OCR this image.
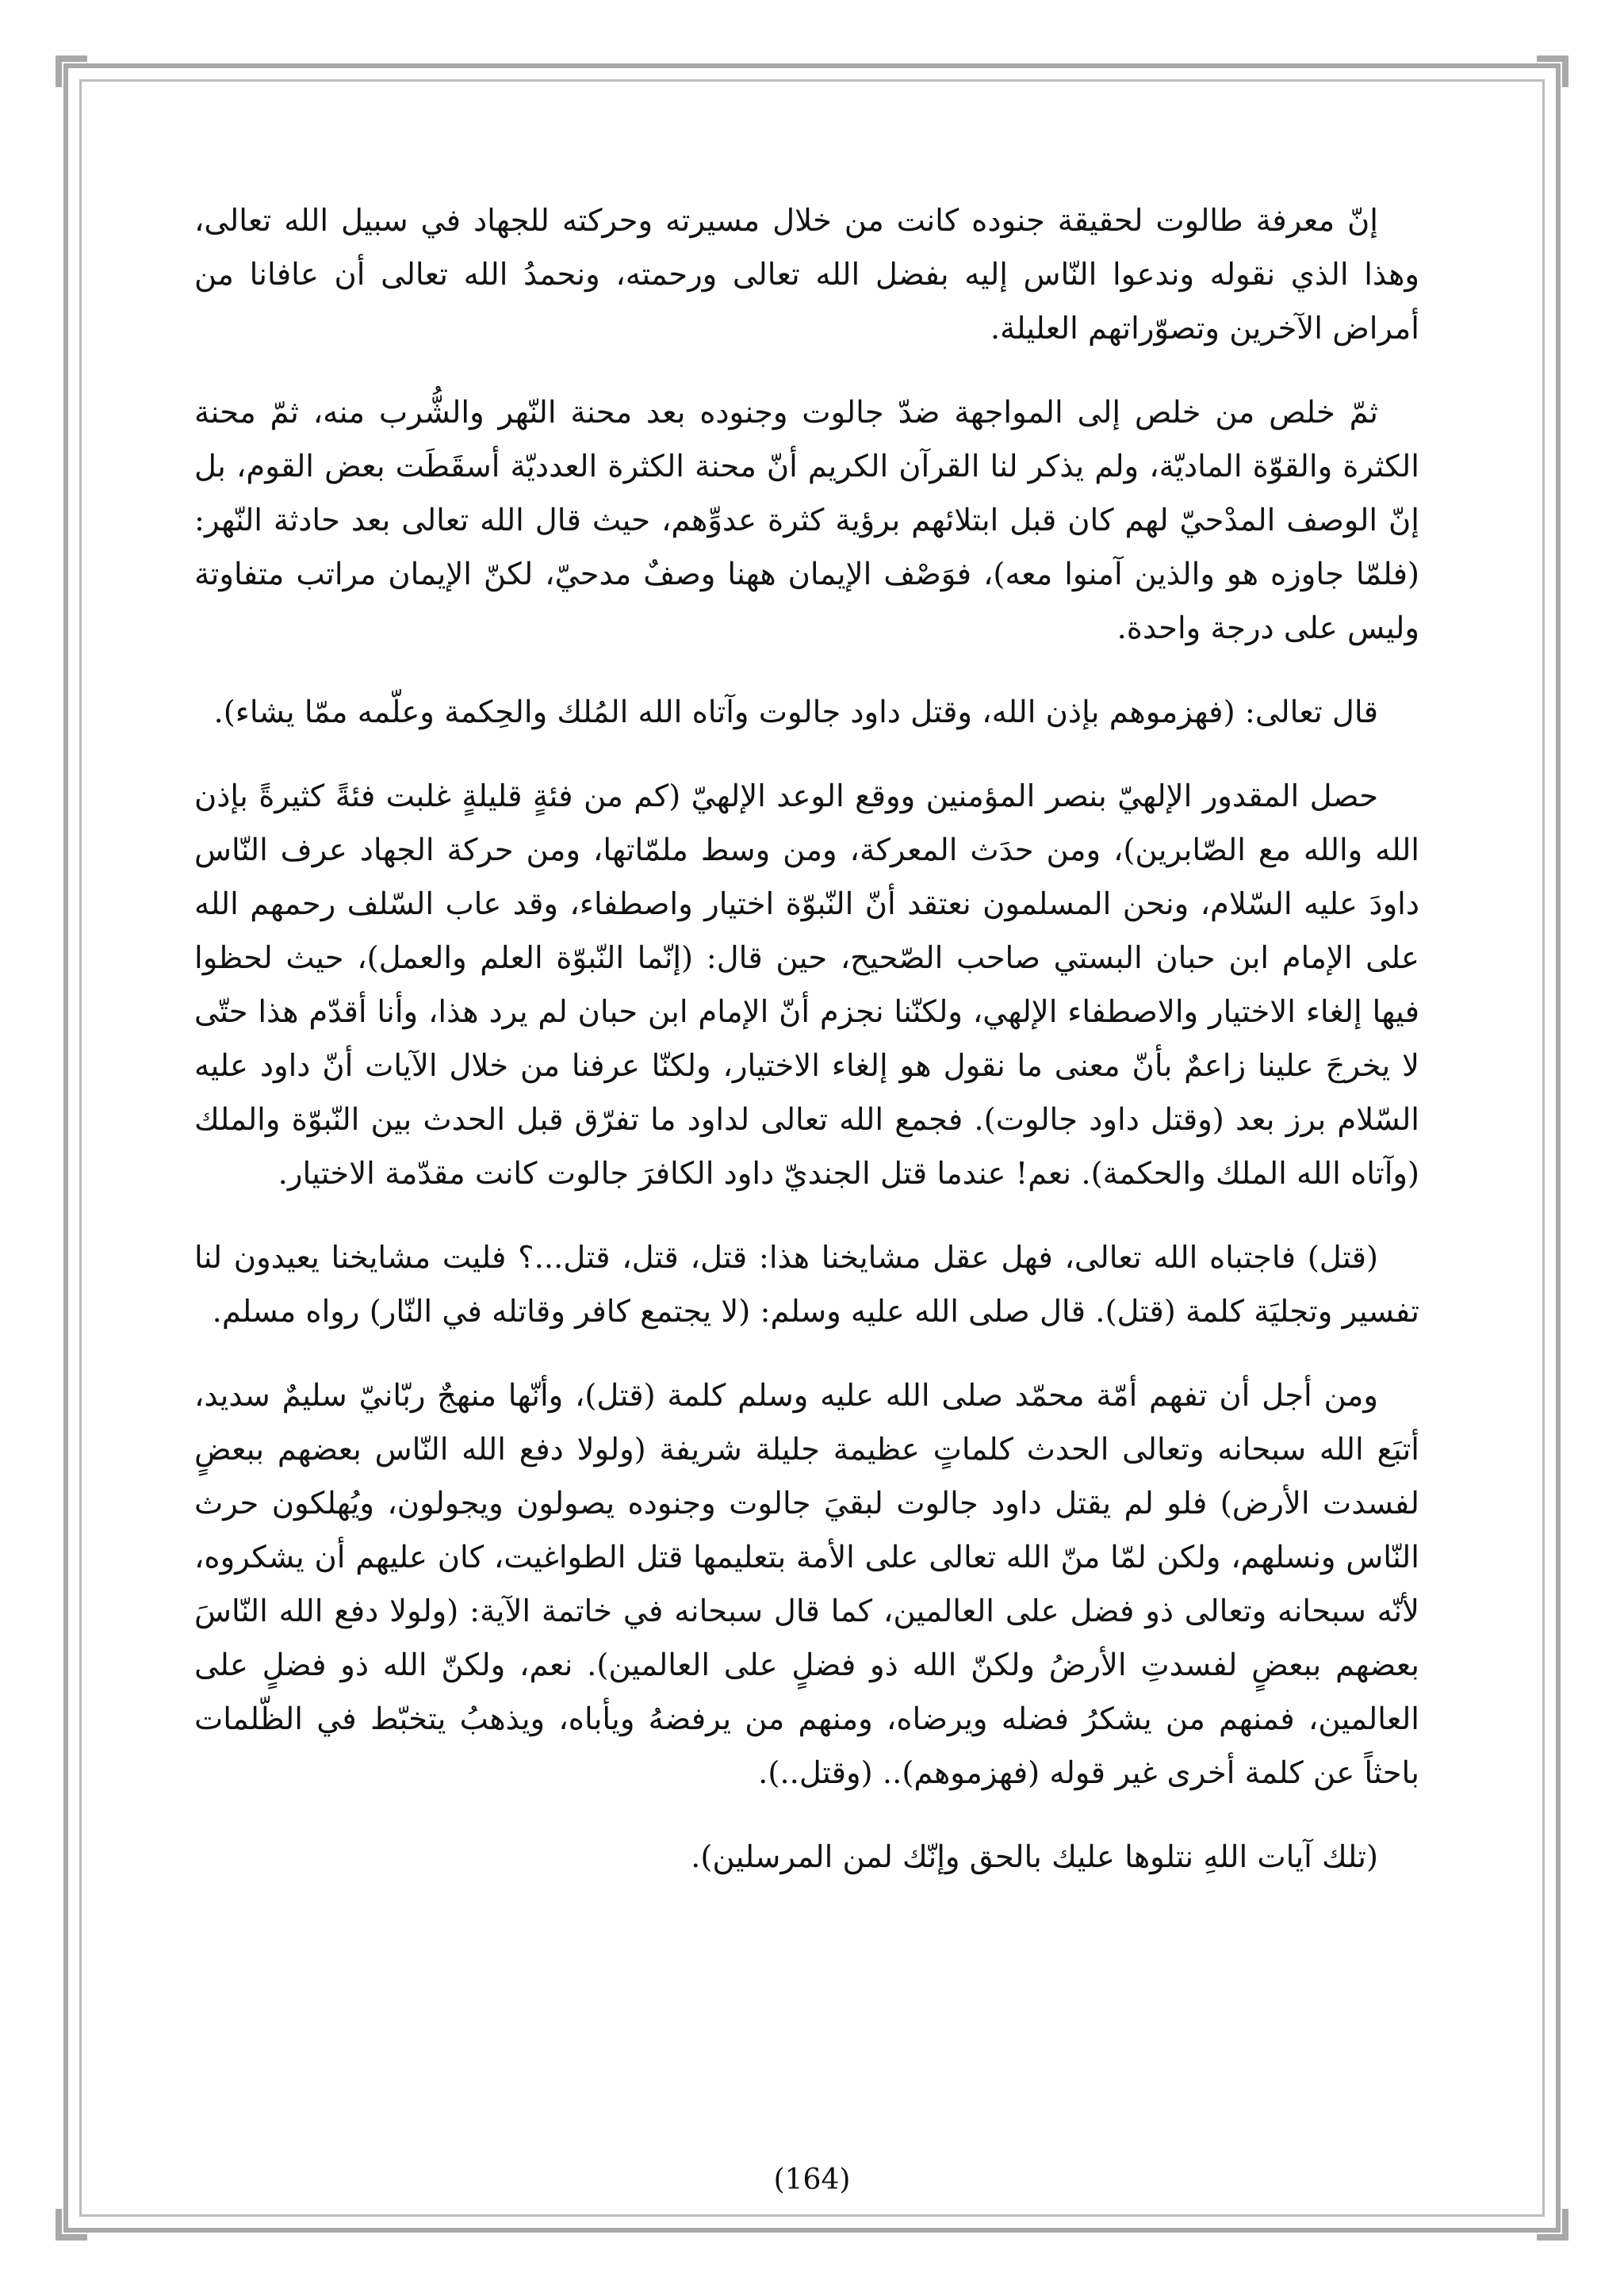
إنّ معرفة طالوت لحقيقة جنوده كانت من خلال مسيرته وحركته للجهاد في سبيل الله تعالى، وهذا الذي نقوله وندعوا النّاس إليه بفضل الله تعالى ورحمته، ونحمدُ الله تعالى أن عافانا من أمراض الآخرين وتصوّراتهم العليلة.

ثمّ خلص من خلص إلى المواجهة ضدّ جالوت وجنوده بعد محنة النّهر والشُّرب منه، ثمّ محنة الكثرة والقوّة الماديّة، ولم يذكر لنا القرآن الكريم أنّ محنة الكثرة العدديّة أسقَطَت بعض القوم، بل إنّ الوصف المدْحيّ لهم كان قبل ابتلائهم برؤية كثرة عدوِّهم، حيث قال الله تعالى بعد حادثة النّهر: (فلمّا جاوزه هو والذين آمنوا معه)، فوَصْف الإيمان ههنا وصفٌ مدحيّ، لكنّ الإيمان مراتب متفاوتة وليس على درجة واحدة.

قال تعالى: (فهزموهم بإذن الله، وقتل داود جالوت وآتاه الله المُلك والحِكمة وعلّمه ممّا يشاء).

حصل المقدور الإلهيّ بنصر المؤمنين ووقع الوعد الإلهيّ (كم من فئةٍ قليلةٍ غلبت فئةً كثيرةً بإذن الله والله مع الصّابرين)، ومن حدَث المعركة، ومن وسط ملمّاتها، ومن حركة الجهاد عرف النّاس داودَ عليه السّلام، ونحن المسلمون نعتقد أنّ النّبوّة اختيار واصطفاء، وقد عاب السّلف رحمهم الله على الإمام ابن حبان البستي صاحب الصّحيح، حين قال: (إنّما النّبوّة العلم والعمل)، حيث لحظوا فيها إلغاء الاختيار والاصطفاء الإلهي، ولكنّنا نجزم أنّ الإمام ابن حبان لم يرد هذا، وأنا أقدّم هذا حتّى لا يخرجَ علينا زاعمٌ بأنّ معنى ما نقول هو إلغاء الاختيار، ولكنّا عرفنا من خلال الآيات أنّ داود عليه السّلام برز بعد (وقتل داود جالوت). فجمع الله تعالى لداود ما تفرّق قبل الحدث بين النّبوّة والملك (وآتاه الله الملك والحكمة). نعم! عندما قتل الجنديّ داود الكافرَ جالوت كانت مقدّمة الاختيار.

(قتل) فاجتباه الله تعالى، فهل عقل مشايخنا هذا: قتل، قتل، قتل...؟ فليت مشايخنا يعيدون لنا تفسير وتجليَة كلمة (قتل). قال صلى الله عليه وسلم: (لا يجتمع كافر وقاتله في النّار) رواه مسلم.

ومن أجل أن تفهم أمّة محمّد صلى الله عليه وسلم كلمة (قتل)، وأنّها منهجٌ ربّانيّ سليمٌ سديد، أتبَع الله سبحانه وتعالى الحدث كلماتٍ عظيمة جليلة شريفة (ولولا دفع الله النّاس بعضهم ببعضٍ لفسدت الأرض) فلو لم يقتل داود جالوت لبقيَ جالوت وجنوده يصولون ويجولون، ويُهلكون حرث النّاس ونسلهم، ولكن لمّا منّ الله تعالى على الأمة بتعليمها قتل الطواغيت، كان عليهم أن يشكروه، لأنّه سبحانه وتعالى ذو فضل على العالمين، كما قال سبحانه في خاتمة الآية: (ولولا دفع الله النّاسَ بعضهم ببعضٍ لفسدتِ الأرضُ ولكنّ الله ذو فضلٍ على العالمين). نعم، ولكنّ الله ذو فضلٍ على العالمين، فمنهم من يشكرُ فضله ويرضاه، ومنهم من يرفضهُ ويأباه، ويذهبُ يتخبّط في الظّلمات باحثاً عن كلمة أخرى غير قوله (فهزموهم).. (وقتل..).

(تلك آيات اللهِ نتلوها عليك بالحق وإنّك لمن المرسلين).

(164)
